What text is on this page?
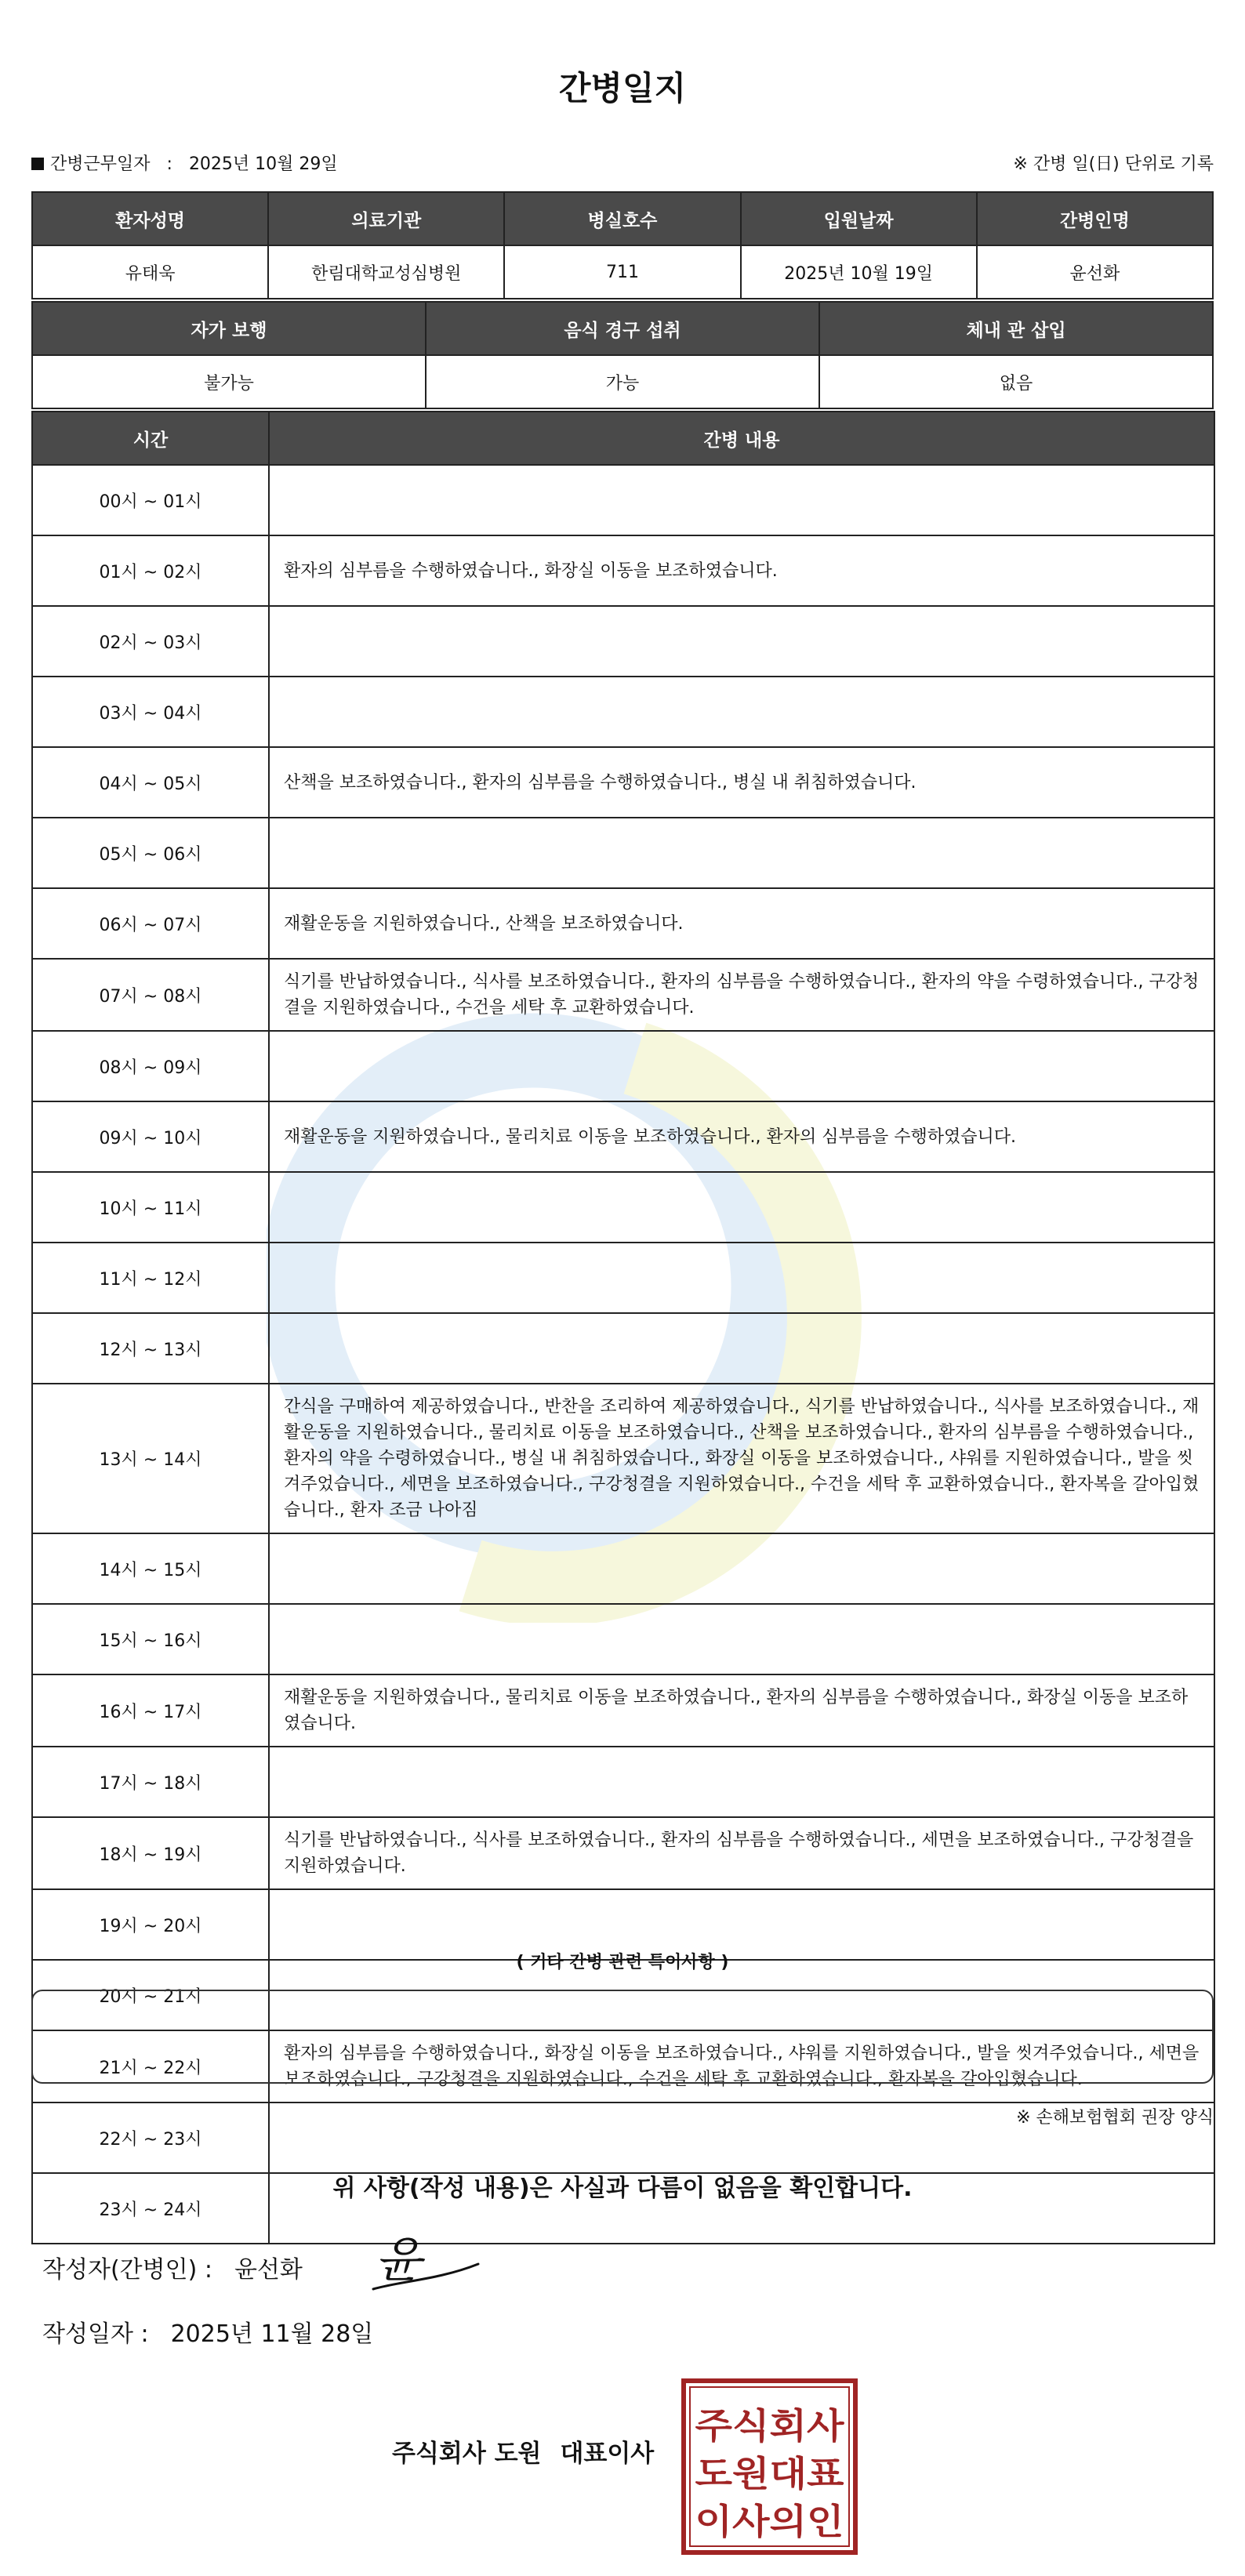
간병일지
간병근무일자 : 2025년 10월 29일	※ 간병 일(日) 단위로 기록
환자성명	의료기관	병실호수	입원날짜	간병인명
유태욱	한림대학교성심병원	711	2025년 10월 19일	윤선화
자가 보행	음식 경구 섭취	체내 관 삽입
불가능	가능	없음
시간	간병 내용
00시 ~ 01시	
01시 ~ 02시	환자의 심부름을 수행하였습니다., 화장실 이동을 보조하였습니다.
02시 ~ 03시	
03시 ~ 04시	
04시 ~ 05시	산책을 보조하였습니다., 환자의 심부름을 수행하였습니다., 병실 내 취침하였습니다.
05시 ~ 06시	
06시 ~ 07시	재활운동을 지원하였습니다., 산책을 보조하였습니다.
07시 ~ 08시	식기를 반납하였습니다., 식사를 보조하였습니다., 환자의 심부름을 수행하였습니다., 환자의 약을 수령하였습니다., 구강청결을 지원하였습니다., 수건을 세탁 후 교환하였습니다.
08시 ~ 09시	
09시 ~ 10시	재활운동을 지원하였습니다., 물리치료 이동을 보조하였습니다., 환자의 심부름을 수행하였습니다.
10시 ~ 11시	
11시 ~ 12시	
12시 ~ 13시	
13시 ~ 14시	간식을 구매하여 제공하였습니다., 반찬을 조리하여 제공하였습니다., 식기를 반납하였습니다., 식사를 보조하였습니다., 재활운동을 지원하였습니다., 물리치료 이동을 보조하였습니다., 산책을 보조하였습니다., 환자의 심부름을 수행하였습니다., 환자의 약을 수령하였습니다., 병실 내 취침하였습니다., 화장실 이동을 보조하였습니다., 샤워를 지원하였습니다., 발을 씻겨주었습니다., 세면을 보조하였습니다., 구강청결을 지원하였습니다., 수건을 세탁 후 교환하였습니다., 환자복을 갈아입혔습니다., 환자 조금 나아짐
14시 ~ 15시	
15시 ~ 16시	
16시 ~ 17시	재활운동을 지원하였습니다., 물리치료 이동을 보조하였습니다., 환자의 심부름을 수행하였습니다., 화장실 이동을 보조하였습니다.
17시 ~ 18시	
18시 ~ 19시	식기를 반납하였습니다., 식사를 보조하였습니다., 환자의 심부름을 수행하였습니다., 세면을 보조하였습니다., 구강청결을 지원하였습니다.
19시 ~ 20시	
20시 ~ 21시	
21시 ~ 22시	환자의 심부름을 수행하였습니다., 화장실 이동을 보조하였습니다., 샤워를 지원하였습니다., 발을 씻겨주었습니다., 세면을 보조하였습니다., 구강청결을 지원하였습니다., 수건을 세탁 후 교환하였습니다., 환자복을 갈아입혔습니다.
22시 ~ 23시	
23시 ~ 24시	
( 기타 간병 관련 특이사항 )
※ 손해보험협회 권장 양식
위 사항(작성 내용)은 사실과 다름이 없음을 확인합니다.
작성자(간병인) : 윤선화 윤
작성일자 : 2025년 11월 28일
주식회사 도원 대표이사
주식회사
도원대표
이사의인
